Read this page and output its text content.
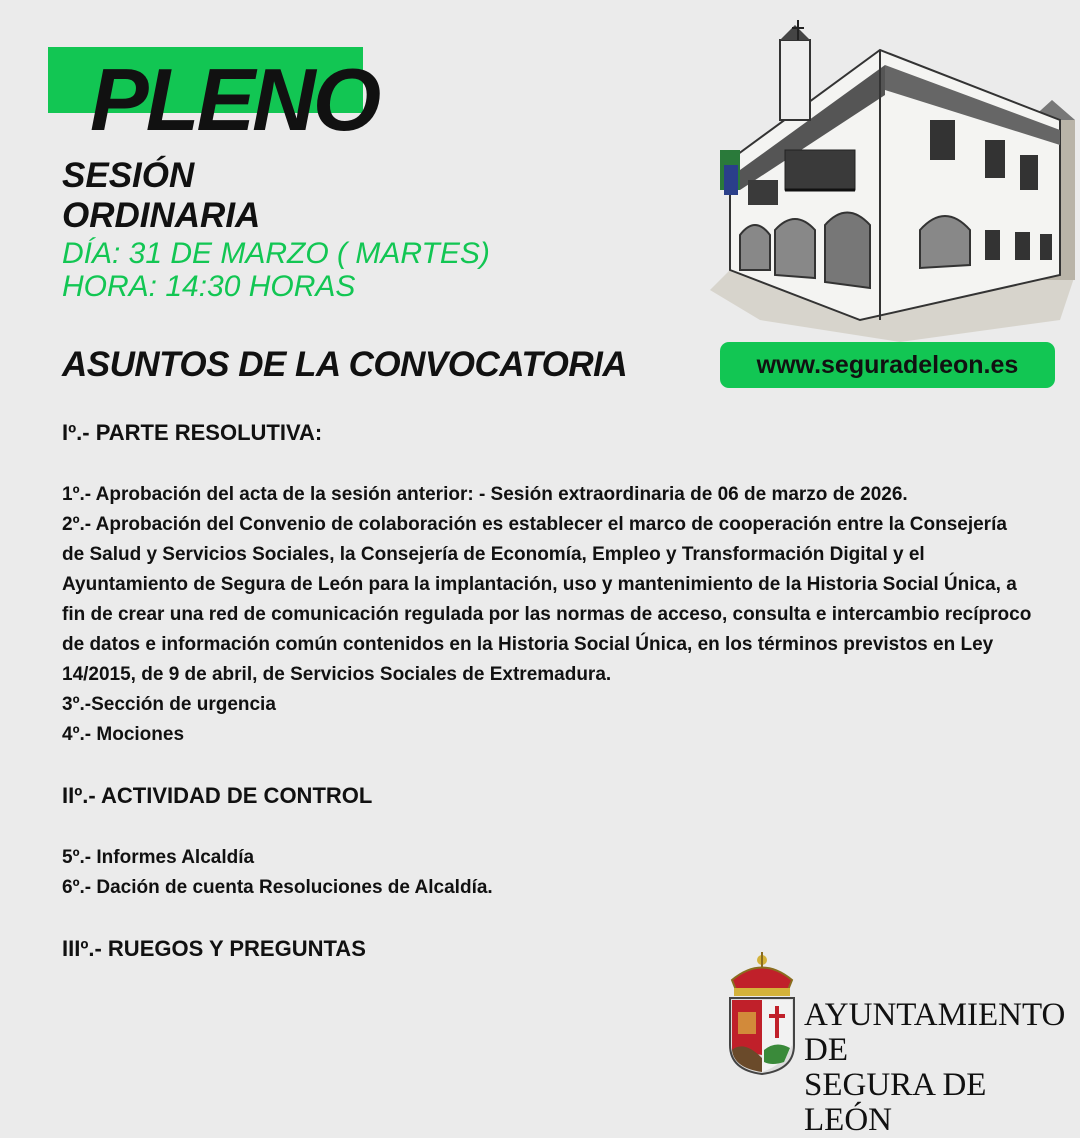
PLENO
SESIÓN
ORDINARIA
DÍA: 31 DE MARZO ( MARTES)
HORA: 14:30 HORAS
ASUNTOS DE LA CONVOCATORIA	www.seguradeleon.es

Iº.- PARTE RESOLUTIVA:

1º.- Aprobación del acta de la sesión anterior: - Sesión extraordinaria de 06 de marzo de 2026.

2º.- Aprobación del Convenio de colaboración es establecer el marco de cooperación entre la Consejería de Salud y Servicios Sociales, la Consejería de Economía, Empleo y Transformación Digital y el Ayuntamiento de Segura de León para la implantación, uso y mantenimiento de la Historia Social Única, a fin de crear una red de comunicación regulada por las normas de acceso, consulta e intercambio recíproco de datos e información común contenidos en la Historia Social Única, en los términos previstos en Ley 14/2015, de 9 de abril, de Servicios Sociales de Extremadura.

3º.-Sección de urgencia

4º.- Mociones

IIº.- ACTIVIDAD DE CONTROL

5º.- Informes Alcaldía

6º.- Dación de cuenta Resoluciones de Alcaldía.

IIIº.- RUEGOS Y PREGUNTAS

AYUNTAMIENTO DE
SEGURA DE LEÓN
